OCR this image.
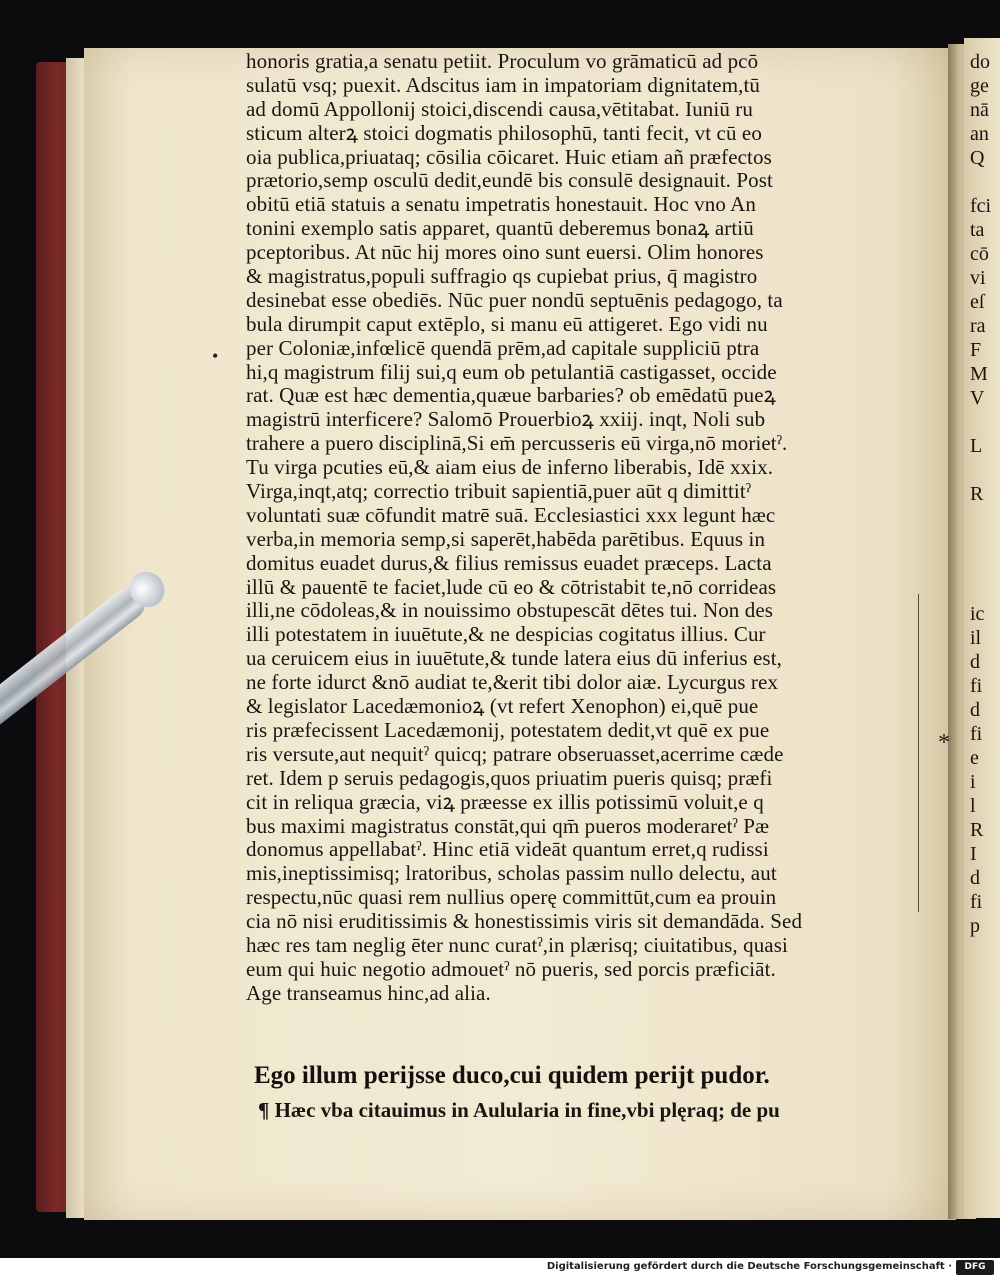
do
ge
nā
an
Q
fci
ta
cō
vi
eſ
ra
F
M
V
L
R
ic
il
d
fi
d
fi
e
i
l
R
I
d
fi
p
honoris gratia,a senatu petiit. Proculum vo grāmaticū ad pcō
sulatū vsq; puexit. Adscitus iam in impatoriam dignitatem,tū
ad domū Appollonij stoici,discendi causa,vētitabat. Iuniū ru
sticum alterꝝ stoici dogmatis philosophū, tanti fecit, vt cū eo
oia publica,priuataq; cōsilia cōicaret. Huic etiam añ præfectos
prætorio,semp osculū dedit,eundē bis consulē designauit. Post
obitū etiā statuis a senatu impetratis honestauit. Hoc vno An
tonini exemplo satis apparet, quantū deberemus bonaꝝ artiū
pceptoribus. At nūc hij mores oino sunt euersi. Olim honores
& magistratus,populi suffragio qs cupiebat prius, q̄ magistro
desinebat esse obediēs. Nūc puer nondū septuēnis pedagogo, ta
bula dirumpit caput extēplo, si manu eū attigeret. Ego vidi nu
per Coloniæ,infœlicē quendā prēm,ad capitale suppliciū ptra
hi,q magistrum filij sui,q eum ob petulantiā castigasset, occide
rat. Quæ est hæc dementia,quæue barbaries? ob emēdatū pueꝝ
magistrū interficere? Salomō Prouerbioꝝ xxiij. inqt, Noli sub
trahere a puero disciplinā,Si em̄ percusseris eū virga,nō morietˀ.
Tu virga pcuties eū,& aiam eius de inferno liberabis, Idē xxix.
Virga,inqt,atq; correctio tribuit sapientiā,puer aūt q dimittitˀ
voluntati suæ cōfundit matrē suā. Ecclesiastici xxx legunt hæc
verba,in memoria semp,si saperēt,habēda parētibus. Equus in
domitus euadet durus,& filius remissus euadet præceps. Lacta
illū & pauentē te faciet,lude cū eo & cōtristabit te,nō corrideas
illi,ne cōdoleas,& in nouissimo obstupescāt dētes tui. Non des
illi potestatem in iuuētute,& ne despicias cogitatus illius. Cur
ua ceruicem eius in iuuētute,& tunde latera eius dū inferius est,
ne forte idurct &nō audiat te,&erit tibi dolor aiæ. Lycurgus rex
& legislator Lacedæmonioꝝ (vt refert Xenophon) ei,quē pue
ris præfecissent Lacedæmonij, potestatem dedit,vt quē ex pue
ris versute,aut nequitˀ quicq; patrare obseruasset,acerrime cæde
ret. Idem p seruis pedagogis,quos priuatim pueris quisq; præfi
cit in reliqua græcia, viꝝ præesse ex illis potissimū voluit,e q
bus maximi magistratus constāt,qui qm̄ pueros moderaretˀ Pæ
donomus appellabatˀ. Hinc etiā videāt quantum erret,q rudissi
mis,ineptissimisq; lratoribus, scholas passim nullo delectu, aut
respectu,nūc quasi rem nullius operę committūt,cum ea prouin
cia nō nisi eruditissimis & honestissimis viris sit demandāda. Sed
hæc res tam neglig ēter nunc curatˀ,in plærisq; ciuitatibus, quasi
eum qui huic negotio admouetˀ nō pueris, sed porcis præficiāt.
Age transeamus hinc,ad alia.
*
•
Ego illum perijsse duco,cui quidem perijt pudor.
¶ Hæc vba citauimus in Aulularia in fine,vbi plęraq; de pu
Digitalisierung gefördert durch die Deutsche Forschungsgemeinschaft ·	DFG
